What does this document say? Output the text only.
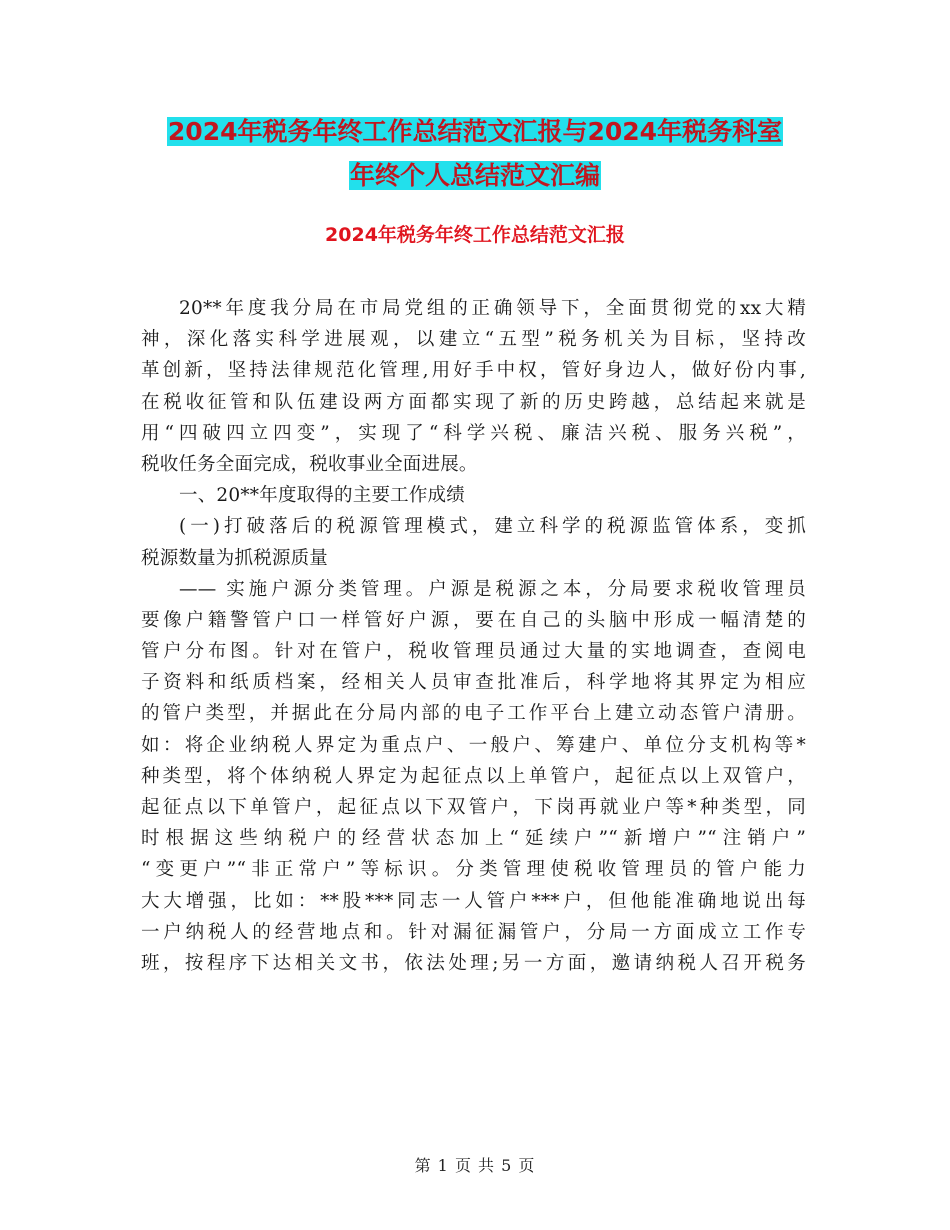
2024年税务年终工作总结范文汇报与2024年税务科室
年终个人总结范文汇编
2024年税务年终工作总结范文汇报
20**年度我分局在市局党组的正确领导下，全面贯彻党的xx大精
神，深化落实科学进展观，以建立“五型”税务机关为目标，坚持改
革创新，坚持法律规范化管理,用好手中权，管好身边人，做好份内事,
在税收征管和队伍建设两方面都实现了新的历史跨越，总结起来就是
用“四破四立四变”，实现了“科学兴税、廉洁兴税、服务兴税”，
税收任务全面完成，税收事业全面进展。
一、20**年度取得的主要工作成绩
(一)打破落后的税源管理模式，建立科学的税源监管体系，变抓
税源数量为抓税源质量
—— 实施户源分类管理。户源是税源之本，分局要求税收管理员
要像户籍警管户口一样管好户源，要在自己的头脑中形成一幅清楚的
管户分布图。针对在管户，税收管理员通过大量的实地调查，查阅电
子资料和纸质档案，经相关人员审查批准后，科学地将其界定为相应
的管户类型，并据此在分局内部的电子工作平台上建立动态管户清册。
如：将企业纳税人界定为重点户、一般户、筹建户、单位分支机构等*
种类型，将个体纳税人界定为起征点以上单管户，起征点以上双管户，
起征点以下单管户，起征点以下双管户，下岗再就业户等*种类型，同
时根据这些纳税户的经营状态加上“延续户”“新增户”“注销户”
“变更户”“非正常户”等标识。分类管理使税收管理员的管户能力
大大增强，比如：**股***同志一人管户***户，但他能准确地说出每
一户纳税人的经营地点和。针对漏征漏管户，分局一方面成立工作专
班，按程序下达相关文书，依法处理;另一方面，邀请纳税人召开税务
第 1 页 共 5 页
